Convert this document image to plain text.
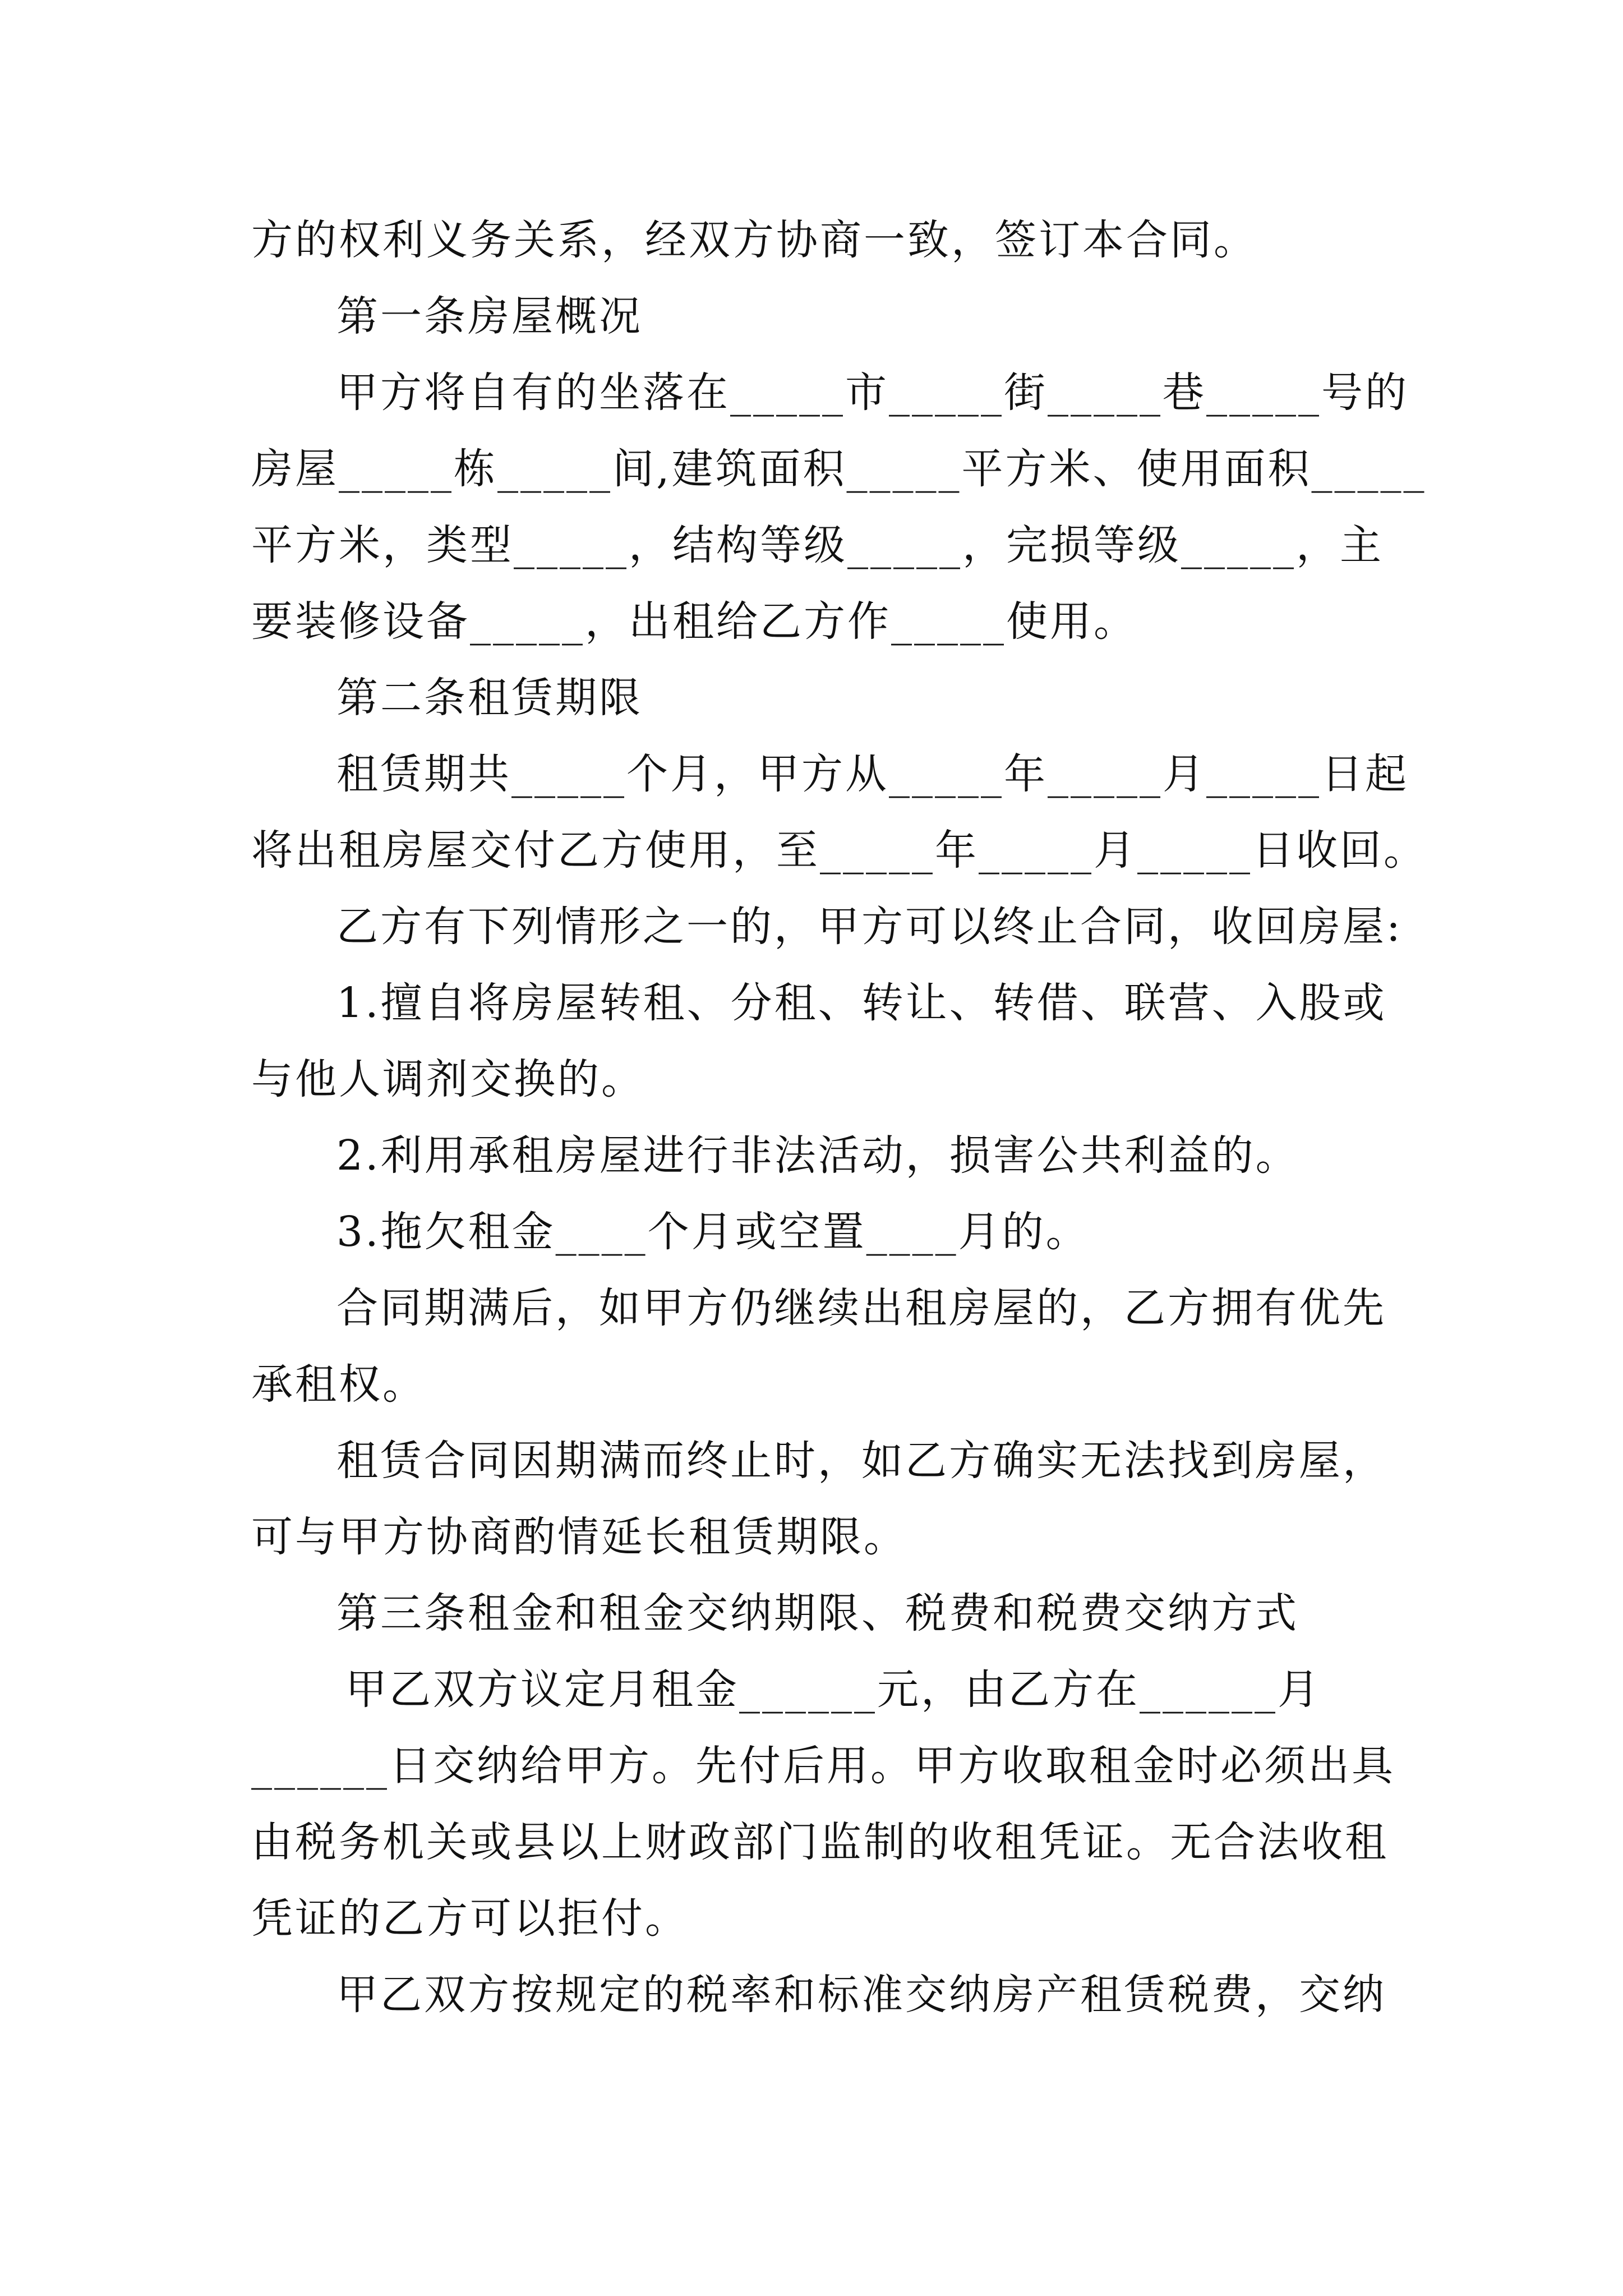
方的权利义务关系，经双方协商一致，签订本合同。
第一条房屋概况
甲方将自有的坐落在_____市_____街_____巷_____号的
房屋_____栋_____间,建筑面积_____平方米、使用面积_____
平方米，类型_____，结构等级_____，完损等级_____，主
要装修设备_____，出租给乙方作_____使用。
第二条租赁期限
租赁期共_____个月，甲方从_____年_____月_____日起
将出租房屋交付乙方使用，至_____年_____月_____日收回。
乙方有下列情形之一的，甲方可以终止合同，收回房屋:
1.擅自将房屋转租、分租、转让、转借、联营、入股或
与他人调剂交换的。
2.利用承租房屋进行非法活动，损害公共利益的。
3.拖欠租金____个月或空置____月的。
合同期满后，如甲方仍继续出租房屋的，乙方拥有优先
承租权。
租赁合同因期满而终止时，如乙方确实无法找到房屋，
可与甲方协商酌情延长租赁期限。
第三条租金和租金交纳期限、税费和税费交纳方式
甲乙双方议定月租金______元，由乙方在______月
______日交纳给甲方。先付后用。甲方收取租金时必须出具
由税务机关或县以上财政部门监制的收租凭证。无合法收租
凭证的乙方可以拒付。
甲乙双方按规定的税率和标准交纳房产租赁税费，交纳
